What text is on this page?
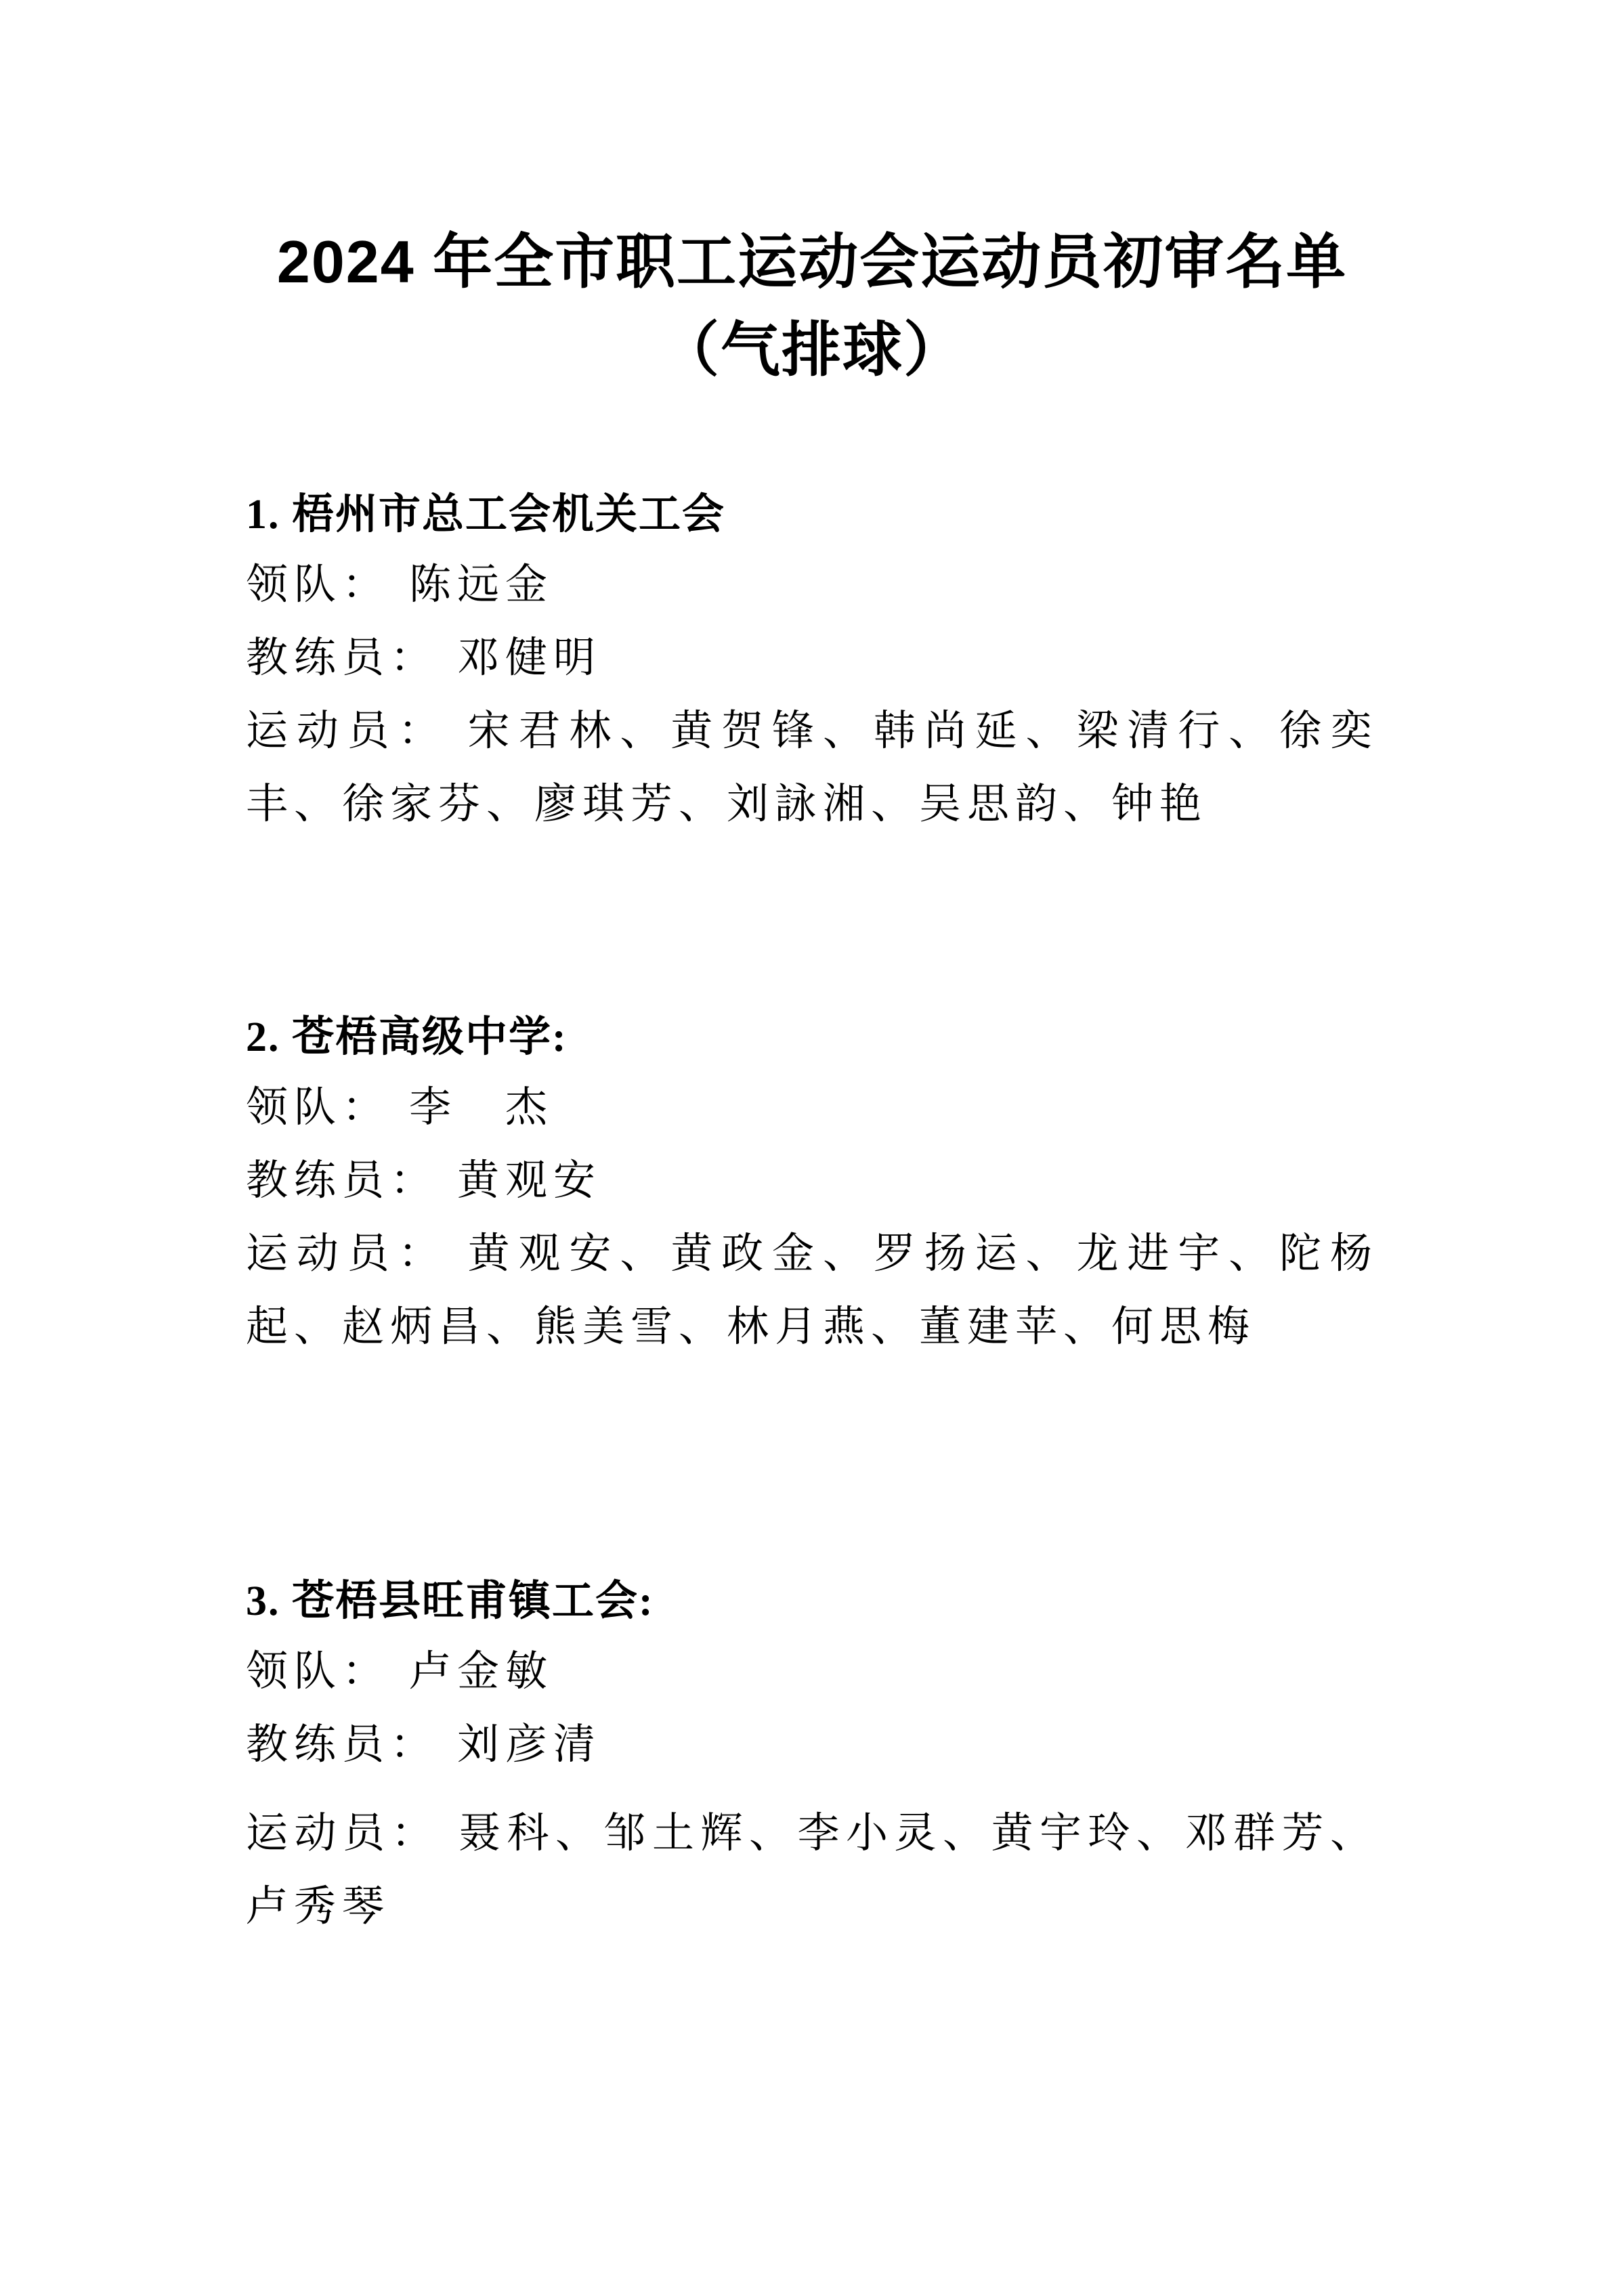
2024 年全市职工运动会运动员初审名单
（气排球）
1. 梧州市总工会机关工会
领队： 陈远金
教练员： 邓健明
运动员： 宋君林、黄贺锋、韩尚延、梁清行、徐奕丰、徐家芬、廖琪芳、刘詠湘、吴思韵、钟艳
2. 苍梧高级中学:
领队： 李　杰
教练员： 黄观安
运动员： 黄观安、黄政金、罗扬运、龙进宇、陀杨起、赵炳昌、熊美雪、林月燕、董建苹、何思梅
3. 苍梧县旺甫镇工会:
领队： 卢金敏
教练员： 刘彦清
运动员： 聂科、邹土辉、李小灵、黄宇玲、邓群芳、卢秀琴
